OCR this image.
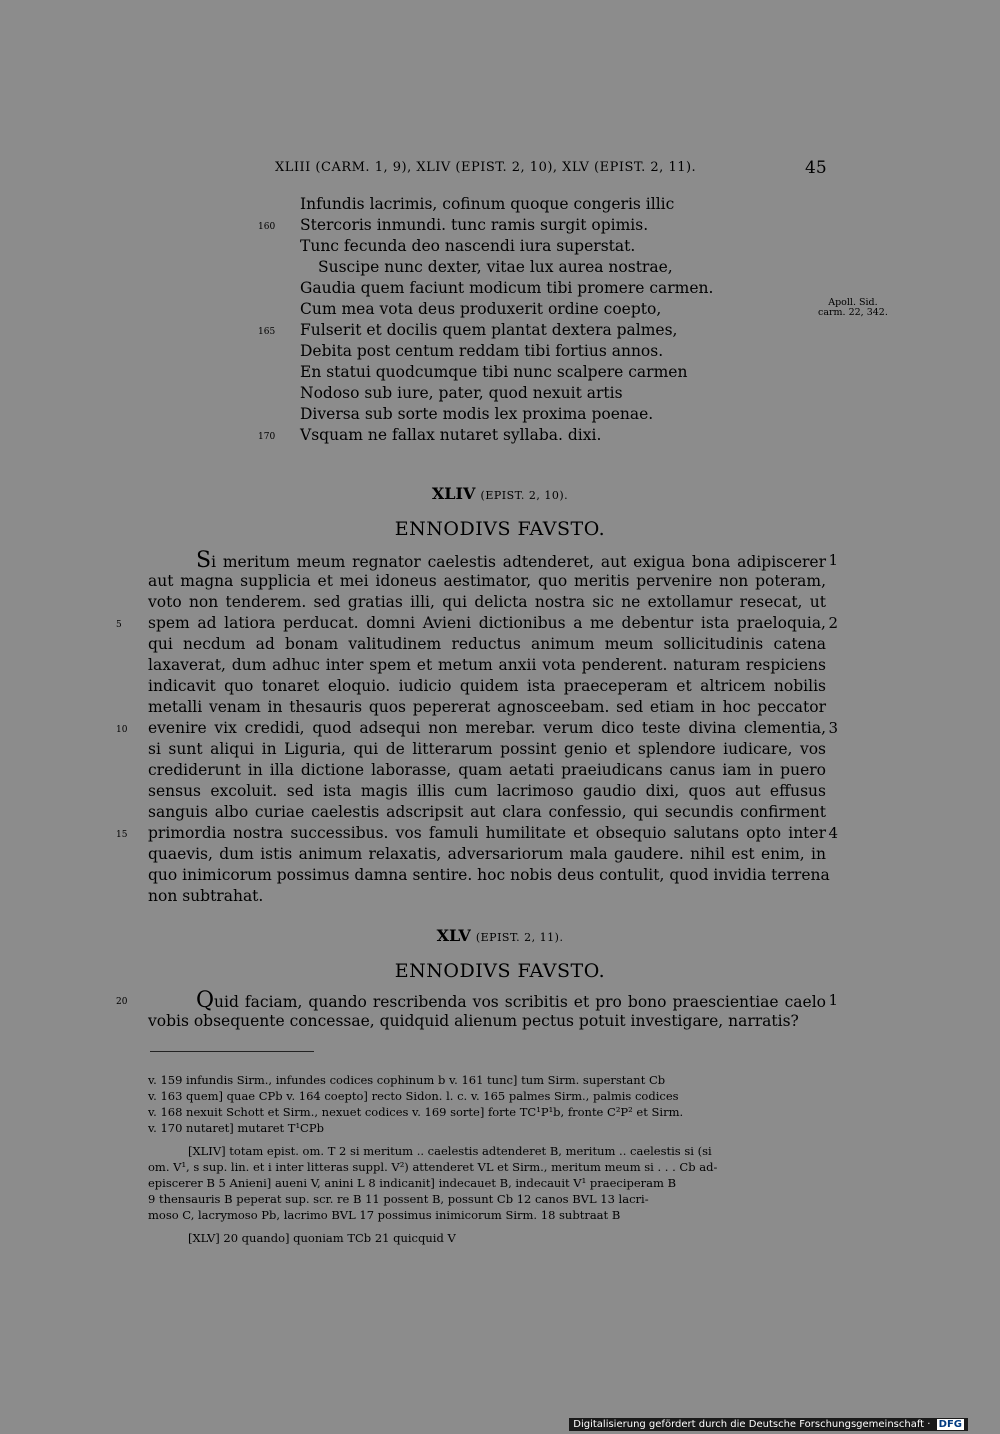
XLIII (CARM. 1, 9), XLIV (EPIST. 2, 10), XLV (EPIST. 2, 11).	45
Infundis lacrimis, cofinum quoque congeris illic
Stercoris inmundi. tunc ramis surgit opimis.
160
Tunc fecunda deo nascendi iura superstat.
Suscipe nunc dexter, vitae lux aurea nostrae,
Gaudia quem faciunt modicum tibi promere carmen.
Cum mea vota deus produxerit ordine coepto,
Fulserit et docilis quem plantat dextera palmes,
165
Debita post centum reddam tibi fortius annos.
En statui quodcumque tibi nunc scalpere carmen
Nodoso sub iure, pater, quod nexuit artis
Diversa sub sorte modis lex proxima poenae.
Vsquam ne fallax nutaret syllaba. dixi.
170
Apoll. Sid.
carm. 22, 342.
XLIV (EPIST. 2, 10).
ENNODIVS FAVSTO.
Si meritum meum regnator caelestis adtenderet, aut exigua bona adipiscerer 1
aut magna supplicia et mei idoneus aestimator, quo meritis pervenire non poteram,
voto non tenderem. sed gratias illi, qui delicta nostra sic ne extollamur resecat, ut
spem ad latiora perducat. domni Avieni dictionibus a me debentur ista praeloquia,
5	2
qui necdum ad bonam valitudinem reductus animum meum sollicitudinis catena
laxaverat, dum adhuc inter spem et metum anxii vota penderent. naturam respiciens
indicavit quo tonaret eloquio. iudicio quidem ista praeceperam et altricem nobilis
metalli venam in thesauris quos pepererat agnosceebam. sed etiam in hoc peccator
evenire vix credidi, quod adsequi non merebar. verum dico teste divina clementia,
10	3
si sunt aliqui in Liguria, qui de litterarum possint genio et splendore iudicare, vos
crediderunt in illa dictione laborasse, quam aetati praeiudicans canus iam in puero
sensus excoluit. sed ista magis illis cum lacrimoso gaudio dixi, quos aut effusus
sanguis albo curiae caelestis adscripsit aut clara confessio, qui secundis confirment
primordia nostra successibus. vos famuli humilitate et obsequio salutans opto inter
15	4
quaevis, dum istis animum relaxatis, adversariorum mala gaudere. nihil est enim, in
quo inimicorum possimus damna sentire. hoc nobis deus contulit, quod invidia terrena
non subtrahat.
XLV (EPIST. 2, 11).
ENNODIVS FAVSTO.
Quid faciam, quando rescribenda vos scribitis et pro bono praescientiae caelo
20	1
vobis obsequente concessae, quidquid alienum pectus potuit investigare, narratis?
v. 159 infundis Sirm., infundes codices cophinum b v. 161 tunc] tum Sirm. superstant Cb
v. 163 quem] quae CPb v. 164 coepto] recto Sidon. l. c. v. 165 palmes Sirm., palmis codices
v. 168 nexuit Schott et Sirm., nexuet codices v. 169 sorte] forte TC¹P¹b, fronte C²P² et Sirm.
v. 170 nutaret] mutaret T¹CPb
[XLIV] totam epist. om. T 2 si meritum .. caelestis adtenderet B, meritum .. caelestis si (si
om. V¹, s sup. lin. et i inter litteras suppl. V²) attenderet VL et Sirm., meritum meum si . . . Cb ad-
episcerer B 5 Anieni] aueni V, anini L 8 indicanit] indecauet B, indecauit V¹ praeciperam B
9 thensauris B peperat sup. scr. re B 11 possent B, possunt Cb 12 canos BVL 13 lacri-
moso C, lacrymoso Pb, lacrimo BVL 17 possimus inimicorum Sirm. 18 subtraat B
[XLV] 20 quando] quoniam TCb 21 quicquid V
Digitalisierung gefördert durch die Deutsche Forschungsgemeinschaft · DFG
